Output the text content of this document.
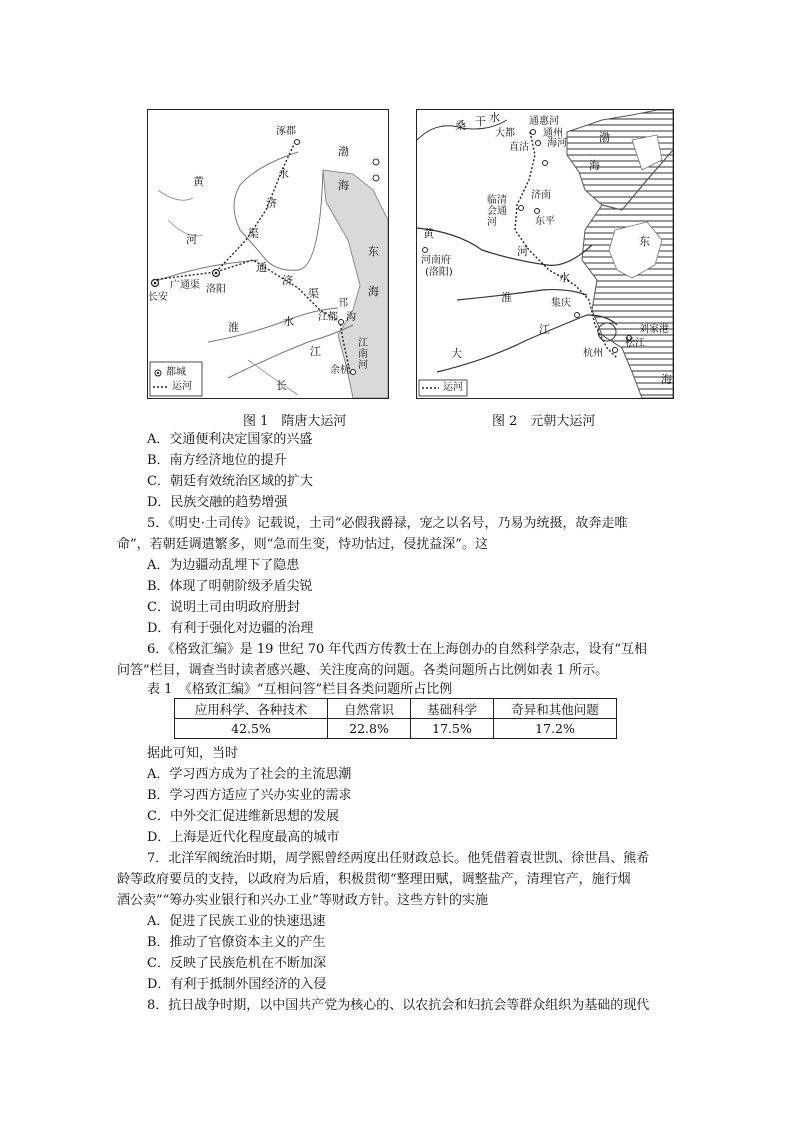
涿郡
渤
海
黄
河
永
济
渠
东
海
通
济
渠
广通渠
长安
洛阳
淮	水
邗
沟
江都
江
江南河
余杭
长
都城
运河
桑 干 水
大都
通惠河
通州
直沽 海河	渤
海
临清会通河
济南
东平
黄
河南府
(洛阳)
河
东
淮
水
集庆
江
大
刘家港
松江
杭州
海
运河
图 1　隋唐大运河	图 2　元朝大运河
A．交通便利决定国家的兴盛
B．南方经济地位的提升
C．朝廷有效统治区域的扩大
D．民族交融的趋势增强
5．《明史·土司传》记载说，土司“必假我爵禄，宠之以名号，乃易为统摄，故奔走唯
命”，若朝廷调遣繁多，则“急而生变，恃功怙过，侵扰益深”。这
A．为边疆动乱埋下了隐患
B．体现了明朝阶级矛盾尖锐
C．说明土司由明政府册封
D．有利于强化对边疆的治理
6．《格致汇编》是 19 世纪 70 年代西方传教士在上海创办的自然科学杂志，设有“互相
问答”栏目，调查当时读者感兴趣、关注度高的问题。各类问题所占比例如表 1 所示。
表 1　《格致汇编》“互相问答”栏目各类问题所占比例
应用科学、各种技术	自然常识	基础科学	奇异和其他问题
42.5%	22.8%	17.5%	17.2%
据此可知，当时
A．学习西方成为了社会的主流思潮
B．学习西方适应了兴办实业的需求
C．中外交汇促进维新思想的发展
D．上海是近代化程度最高的城市
7．北洋军阀统治时期，周学熙曾经两度出任财政总长。他凭借着袁世凯、徐世昌、熊希
龄等政府要员的支持，以政府为后盾，积极贯彻“整理田赋，调整盐产，清理官产，施行烟
酒公卖”“筹办实业银行和兴办工业”等财政方针。这些方针的实施
A．促进了民族工业的快速迅速
B．推动了官僚资本主义的产生
C．反映了民族危机在不断加深
D．有利于抵制外国经济的入侵
8．抗日战争时期，以中国共产党为核心的、以农抗会和妇抗会等群众组织为基础的现代
